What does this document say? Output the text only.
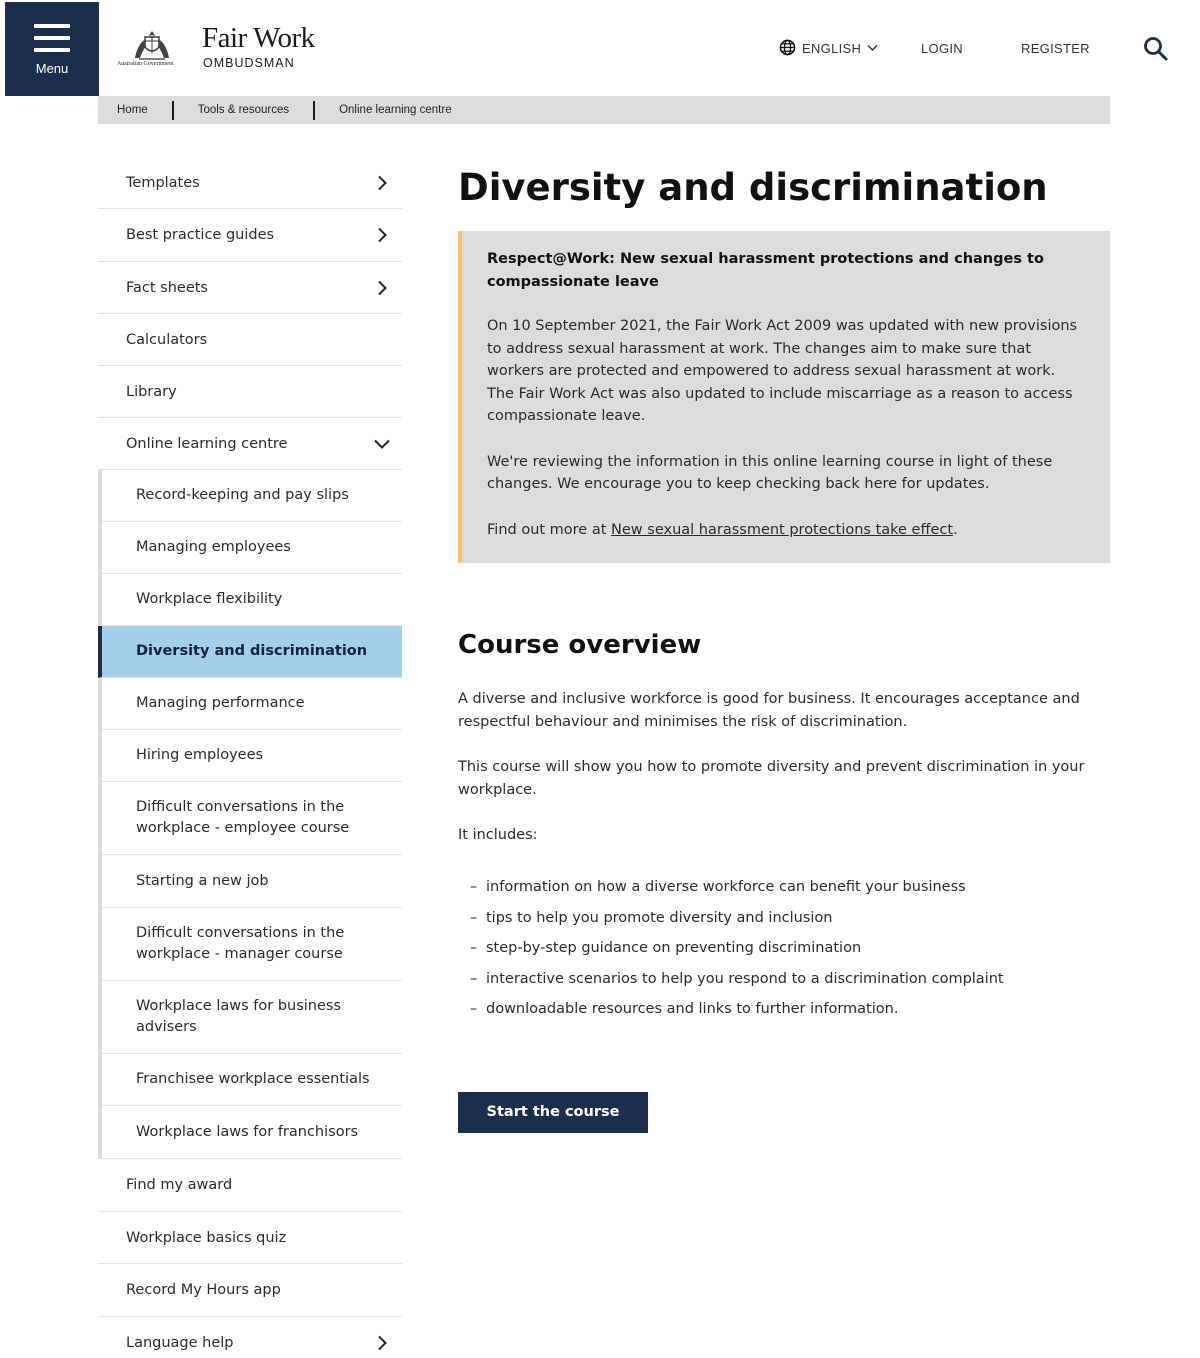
Menu	Australian Government
Fair Work
OMBUDSMAN
ENGLISH	LOGIN	REGISTER
Home	Tools & resources	Online learning centre
Templates
Best practice guides
Fact sheets
Calculators
Library
Online learning centre
Record-keeping and pay slips
Managing employees
Workplace flexibility
Diversity and discrimination
Managing performance
Hiring employees
Difficult conversations in the workplace - employee course
Starting a new job
Difficult conversations in the workplace - manager course
Workplace laws for business advisers
Franchisee workplace essentials
Workplace laws for franchisors
Find my award
Workplace basics quiz
Record My Hours app
Language help
Diversity and discrimination
Respect@Work: New sexual harassment protections and changes to compassionate leave

On 10 September 2021, the Fair Work Act 2009 was updated with new provisions to address sexual harassment at work. The changes aim to make sure that workers are protected and empowered to address sexual harassment at work. The Fair Work Act was also updated to include miscarriage as a reason to access compassionate leave.

We're reviewing the information in this online learning course in light of these changes. We encourage you to keep checking back here for updates.

Find out more at New sexual harassment protections take effect.

Course overview

A diverse and inclusive workforce is good for business. It encourages acceptance and respectful behaviour and minimises the risk of discrimination.

This course will show you how to promote diversity and prevent discrimination in your workplace.

It includes:

– information on how a diverse workforce can benefit your business
– tips to help you promote diversity and inclusion
– step-by-step guidance on preventing discrimination
– interactive scenarios to help you respond to a discrimination complaint
– downloadable resources and links to further information.
Start the course
